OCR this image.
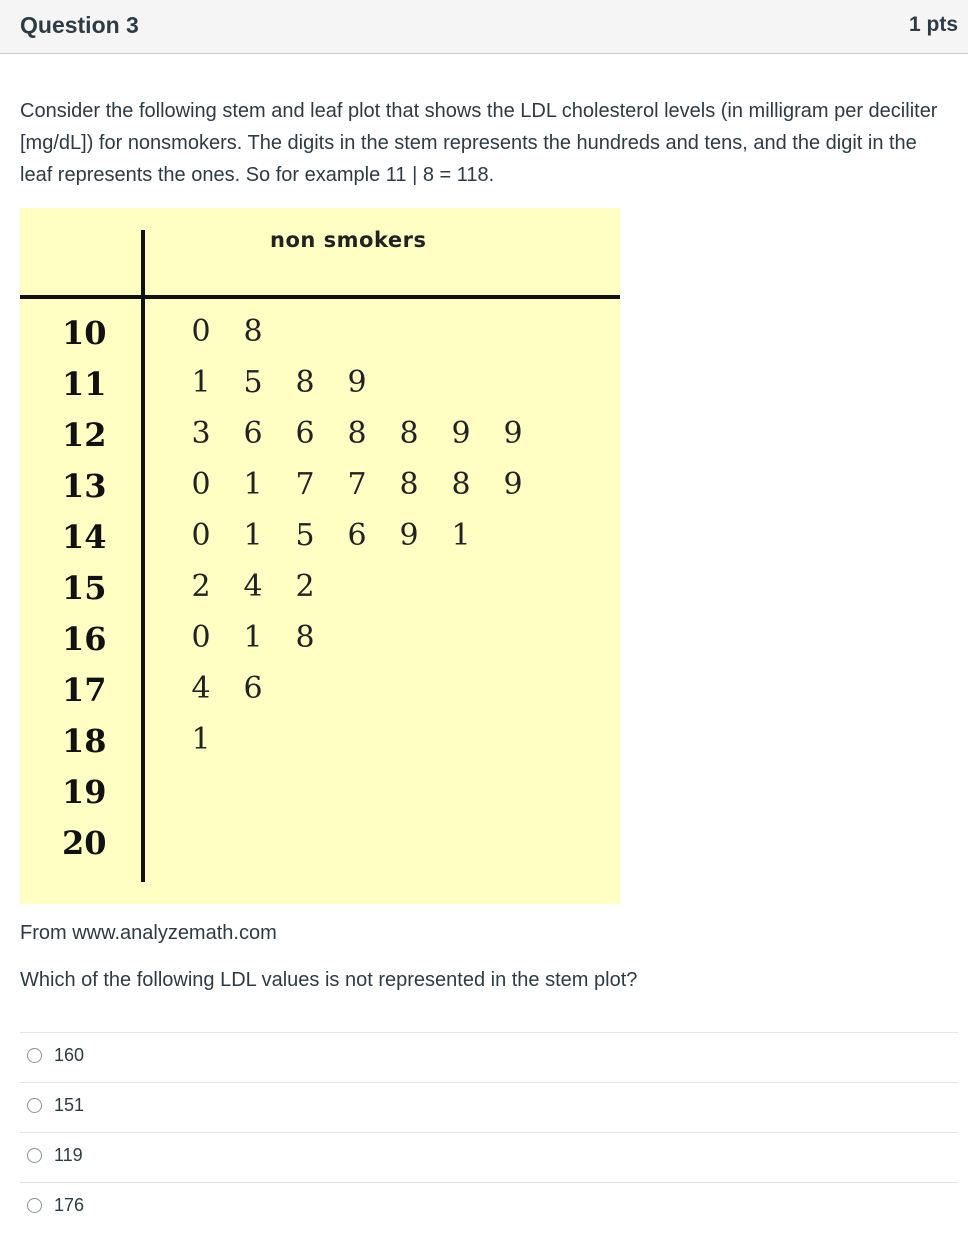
Question 3	1 pts
Consider the following stem and leaf plot that shows the LDL cholesterol levels (in milligram per deciliter [mg/dL]) for nonsmokers. The digits in the stem represents the hundreds and tens, and the digit in the leaf represents the ones. So for example 11 | 8 = 118.
non smokers
10	0 8
11	1 5 8 9
12	3 6 6 8 8 9 9
13	0 1 7 7 8 8 9
14	0 1 5 6 9 1
15	2 4 2
16	0 1 8
17	4 6
18	1
19
20
From www.analyzemath.com
Which of the following LDL values is not represented in the stem plot?
160
151
119
176
